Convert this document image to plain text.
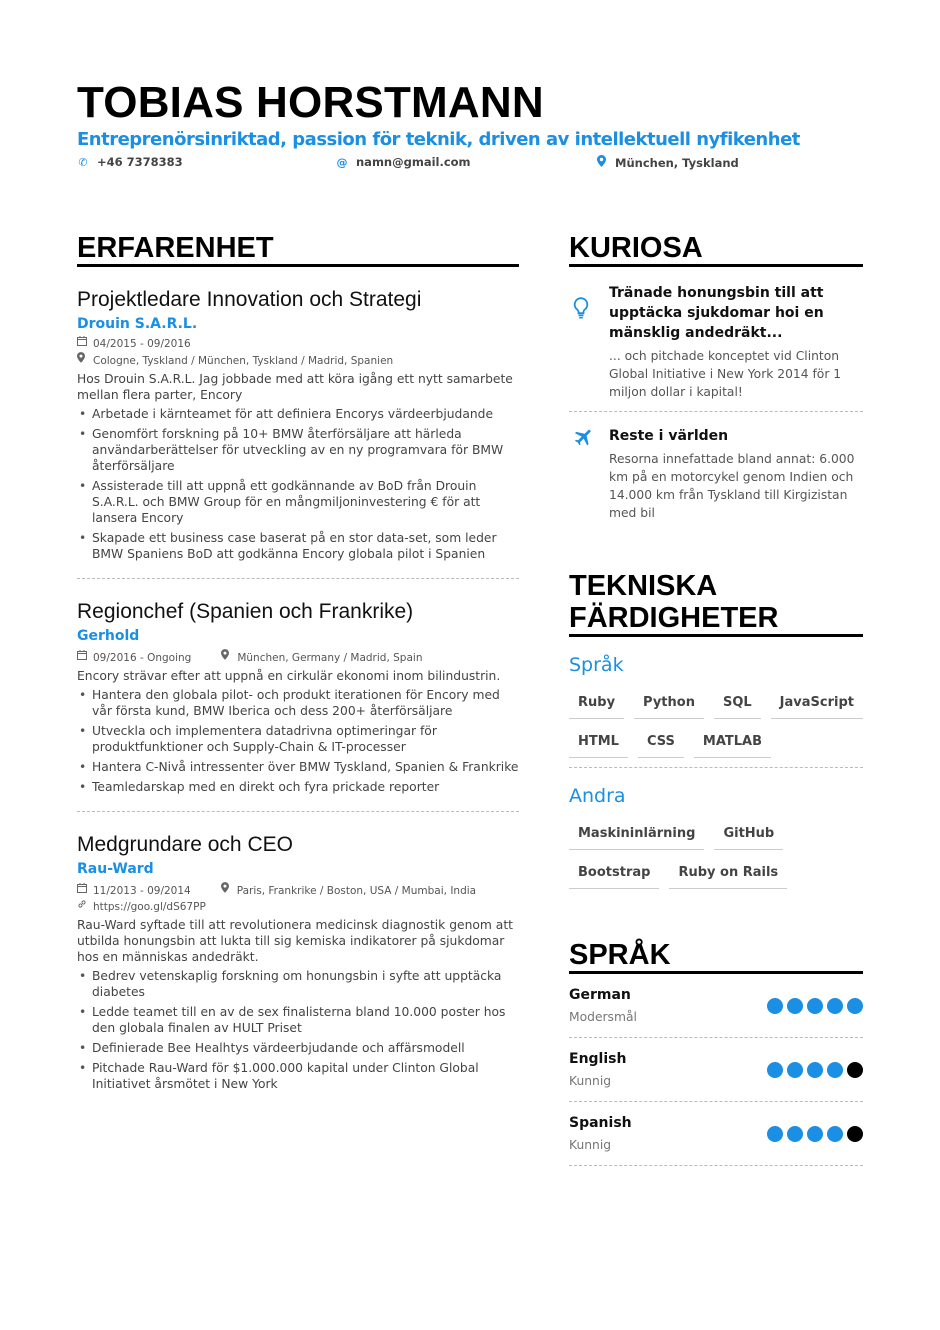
TOBIAS HORSTMANN
Entreprenörsinriktad, passion för teknik, driven av intellektuell nyfikenhet
✆ +46 7378383	@ namn@gmail.com	München, Tyskland
ERFARENHET
Projektledare Innovation och Strategi
Drouin S.A.R.L.
04/2015 - 09/2016
Cologne, Tyskland / München, Tyskland / Madrid, Spanien
Hos Drouin S.A.R.L. Jag jobbade med att köra igång ett nytt samarbete mellan flera parter, Encory
• Arbetade i kärnteamet för att definiera Encorys värdeerbjudande
• Genomfört forskning på 10+ BMW återförsäljare att härleda användarberättelser för utveckling av en ny programvara för BMW återförsäljare
• Assisterade till att uppnå ett godkännande av BoD från Drouin S.A.R.L. och BMW Group för en mångmiljoninvestering € för att lansera Encory
• Skapade ett business case baserat på en stor data-set, som leder BMW Spaniens BoD att godkänna Encory globala pilot i Spanien
Regionchef (Spanien och Frankrike)
Gerhold
09/2016 - Ongoing	München, Germany / Madrid, Spain
Encory strävar efter att uppnå en cirkulär ekonomi inom bilindustrin.
• Hantera den globala pilot- och produkt iterationen för Encory med vår första kund, BMW Iberica och dess 200+ återförsäljare
• Utveckla och implementera datadrivna optimeringar för produktfunktioner och Supply-Chain & IT-processer
• Hantera C-Nivå intressenter över BMW Tyskland, Spanien & Frankrike
• Teamledarskap med en direkt och fyra prickade reporter
Medgrundare och CEO
Rau-Ward
11/2013 - 09/2014	Paris, Frankrike / Boston, USA / Mumbai, India
https://goo.gl/dS67PP
Rau-Ward syftade till att revolutionera medicinsk diagnostik genom att utbilda honungsbin att lukta till sig kemiska indikatorer på sjukdomar hos en människas andedräkt.
• Bedrev vetenskaplig forskning om honungsbin i syfte att upptäcka diabetes
• Ledde teamet till en av de sex finalisterna bland 10.000 poster hos den globala finalen av HULT Priset
• Definierade Bee Healhtys värdeerbjudande och affärsmodell
• Pitchade Rau-Ward för $1.000.000 kapital under Clinton Global Initiativet årsmötet i New York
KURIOSA
Tränade honungsbin till att upptäcka sjukdomar hoi en mänsklig andedräkt...
... och pitchade konceptet vid Clinton Global Initiative i New York 2014 för 1 miljon dollar i kapital!
Reste i världen
Resorna innefattade bland annat: 6.000 km på en motorcykel genom Indien och 14.000 km från Tyskland till Kirgizistan med bil
TEKNISKA
FÄRDIGHETER
Språk
Ruby	Python	SQL	JavaScript
HTML	CSS	MATLAB
Andra
Maskininlärning	GitHub
Bootstrap	Ruby on Rails
SPRÅK
German
Modersmål
English
Kunnig
Spanish
Kunnig
